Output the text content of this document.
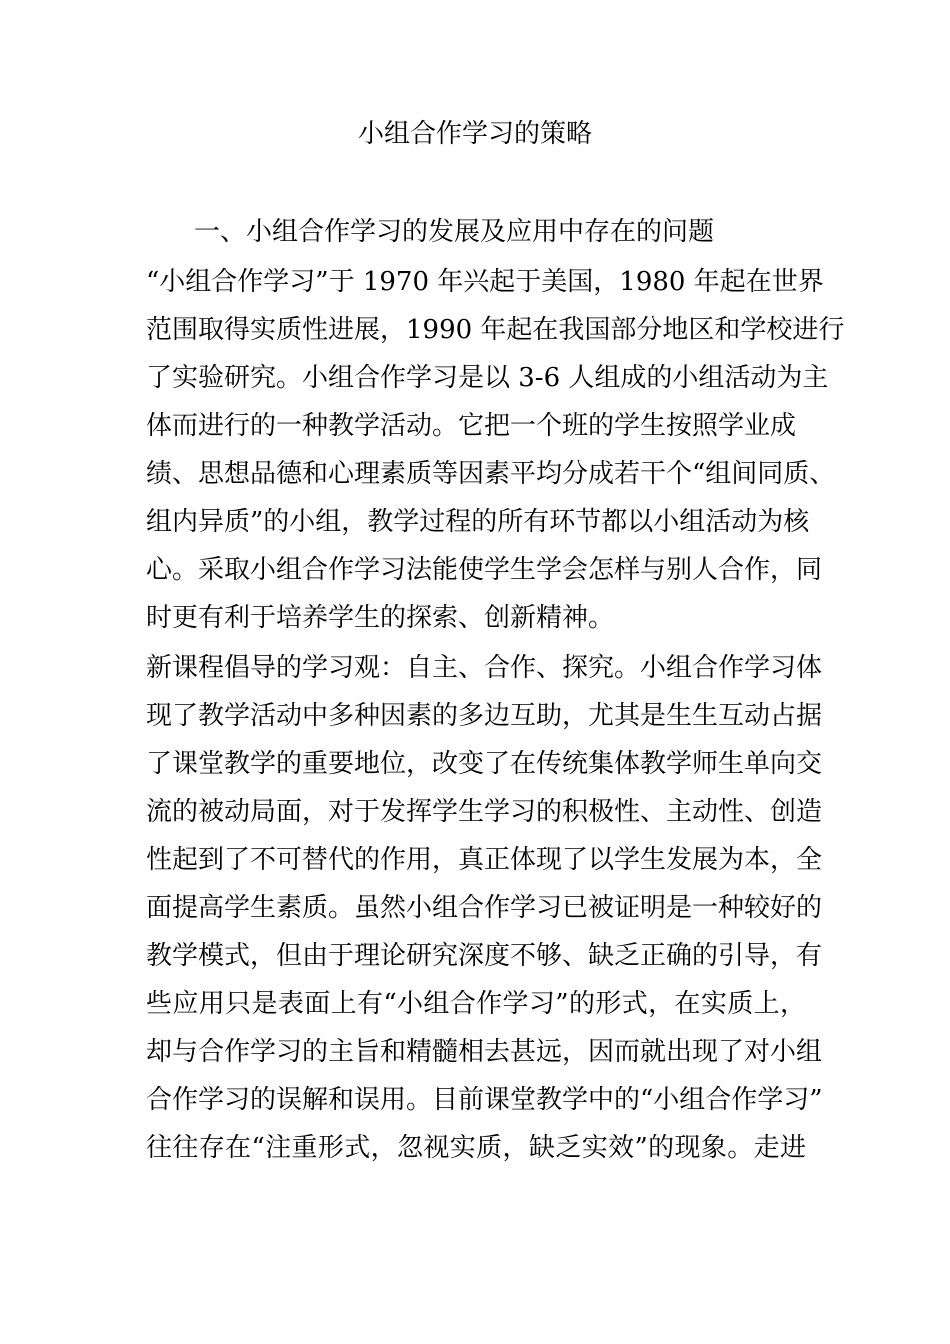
小组合作学习的策略
一、小组合作学习的发展及应用中存在的问题
“小组合作学习”于 1970 年兴起于美国，1980 年起在世界
范围取得实质性进展，1990 年起在我国部分地区和学校进行
了实验研究。小组合作学习是以 3-6 人组成的小组活动为主
体而进行的一种教学活动。它把一个班的学生按照学业成
绩、思想品德和心理素质等因素平均分成若干个“组间同质、
组内异质”的小组，教学过程的所有环节都以小组活动为核
心。采取小组合作学习法能使学生学会怎样与别人合作，同
时更有利于培养学生的探索、创新精神。
新课程倡导的学习观：自主、合作、探究。小组合作学习体
现了教学活动中多种因素的多边互助，尤其是生生互动占据
了课堂教学的重要地位，改变了在传统集体教学师生单向交
流的被动局面，对于发挥学生学习的积极性、主动性、创造
性起到了不可替代的作用，真正体现了以学生发展为本，全
面提高学生素质。虽然小组合作学习已被证明是一种较好的
教学模式，但由于理论研究深度不够、缺乏正确的引导，有
些应用只是表面上有“小组合作学习”的形式，在实质上，
却与合作学习的主旨和精髓相去甚远，因而就出现了对小组
合作学习的误解和误用。目前课堂教学中的“小组合作学习”
往往存在“注重形式，忽视实质，缺乏实效”的现象。走进
